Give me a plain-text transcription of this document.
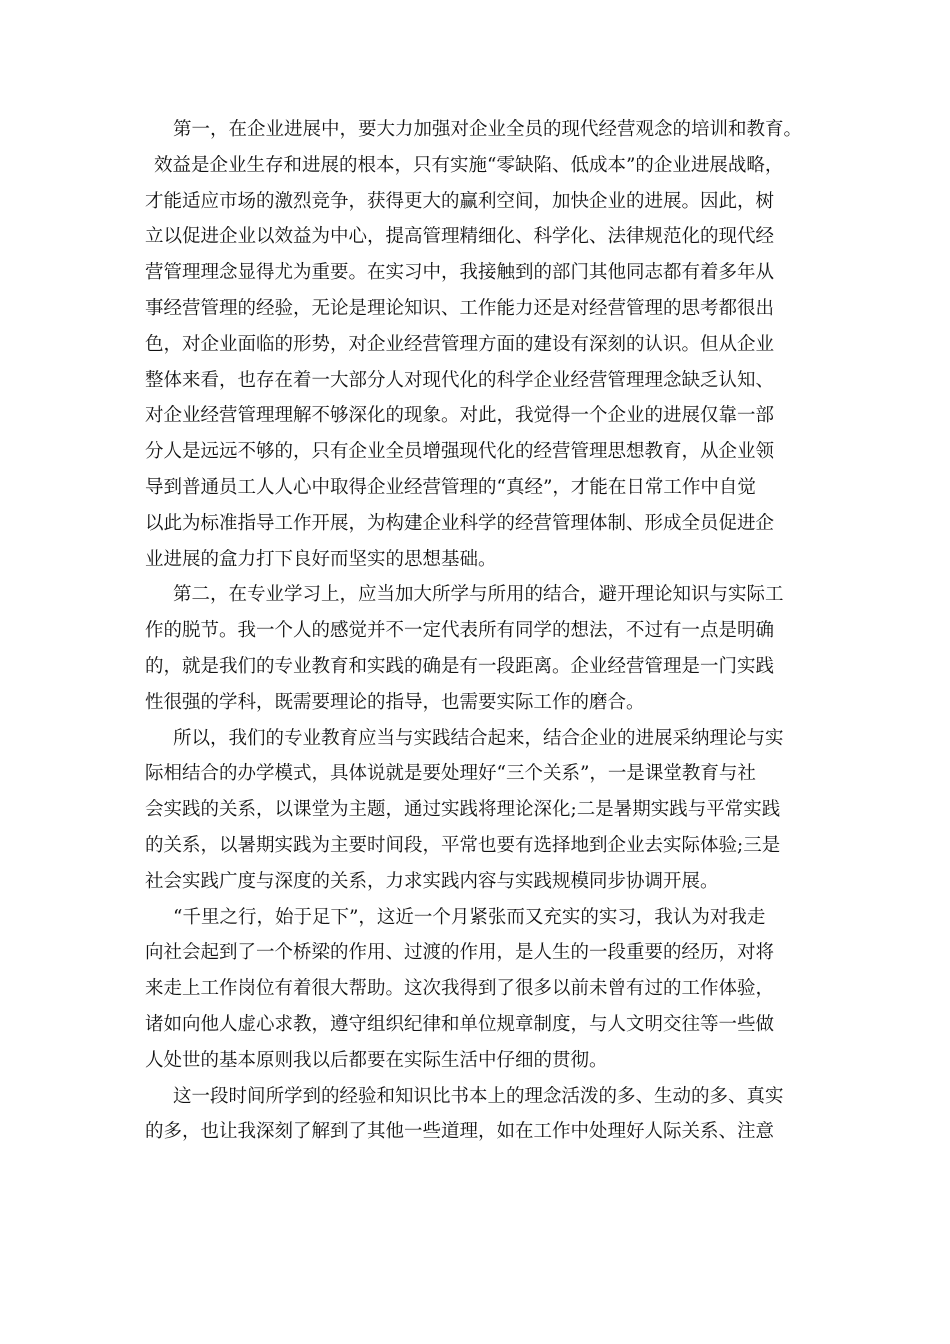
第一，在企业进展中，要大力加强对企业全员的现代经营观念的培训和教育。
效益是企业生存和进展的根本，只有实施“零缺陷、低成本”的企业进展战略，
才能适应市场的激烈竞争，获得更大的赢利空间，加快企业的进展。因此，树
立以促进企业以效益为中心，提高管理精细化、科学化、法律规范化的现代经
营管理理念显得尤为重要。在实习中，我接触到的部门其他同志都有着多年从
事经营管理的经验，无论是理论知识、工作能力还是对经营管理的思考都很出
色，对企业面临的形势，对企业经营管理方面的建设有深刻的认识。但从企业
整体来看，也存在着一大部分人对现代化的科学企业经营管理理念缺乏认知、
对企业经营管理理解不够深化的现象。对此，我觉得一个企业的进展仅靠一部
分人是远远不够的，只有企业全员增强现代化的经营管理思想教育，从企业领
导到普通员工人人心中取得企业经营管理的“真经”，才能在日常工作中自觉
以此为标准指导工作开展，为构建企业科学的经营管理体制、形成全员促进企
业进展的盒力打下良好而坚实的思想基础。
第二，在专业学习上，应当加大所学与所用的结合，避开理论知识与实际工
作的脱节。我一个人的感觉并不一定代表所有同学的想法，不过有一点是明确
的，就是我们的专业教育和实践的确是有一段距离。企业经营管理是一门实践
性很强的学科，既需要理论的指导，也需要实际工作的磨合。
所以，我们的专业教育应当与实践结合起来，结合企业的进展采纳理论与实
际相结合的办学模式，具体说就是要处理好“三个关系”，一是课堂教育与社
会实践的关系，以课堂为主题，通过实践将理论深化;二是暑期实践与平常实践
的关系，以暑期实践为主要时间段，平常也要有选择地到企业去实际体验;三是
社会实践广度与深度的关系，力求实践内容与实践规模同步协调开展。
“千里之行，始于足下”，这近一个月紧张而又充实的实习，我认为对我走
向社会起到了一个桥梁的作用、过渡的作用，是人生的一段重要的经历，对将
来走上工作岗位有着很大帮助。这次我得到了很多以前未曾有过的工作体验，
诸如向他人虚心求教，遵守组织纪律和单位规章制度，与人文明交往等一些做
人处世的基本原则我以后都要在实际生活中仔细的贯彻。
这一段时间所学到的经验和知识比书本上的理念活泼的多、生动的多、真实
的多，也让我深刻了解到了其他一些道理，如在工作中处理好人际关系、注意
